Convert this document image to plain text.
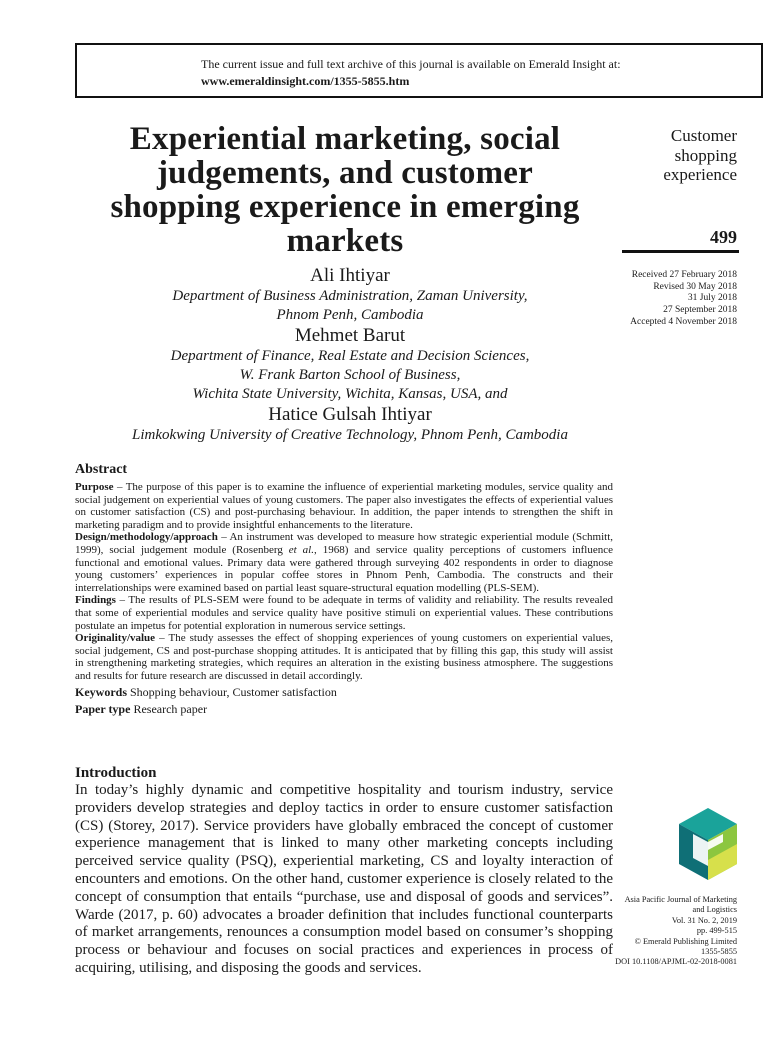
The current issue and full text archive of this journal is available on Emerald Insight at:
www.emeraldinsight.com/1355-5855.htm
Experiential marketing, social judgements, and customer shopping experience in emerging markets
Ali Ihtiyar
Department of Business Administration, Zaman University,
Phnom Penh, Cambodia
Mehmet Barut
Department of Finance, Real Estate and Decision Sciences,
W. Frank Barton School of Business,
Wichita State University, Wichita, Kansas, USA, and
Hatice Gulsah Ihtiyar
Limkokwing University of Creative Technology, Phnom Penh, Cambodia
Customer
shopping
experience
499
Received 27 February 2018
Revised 30 May 2018
31 July 2018
27 September 2018
Accepted 4 November 2018
Abstract
Purpose – The purpose of this paper is to examine the influence of experiential marketing modules, service quality and social judgement on experiential values of young customers. The paper also investigates the effects of experiential values on customer satisfaction (CS) and post-purchasing behaviour. In addition, the paper intends to strengthen the shift in marketing paradigm and to provide insightful enhancements to the literature.
Design/methodology/approach – An instrument was developed to measure how strategic experiential module (Schmitt, 1999), social judgement module (Rosenberg et al., 1968) and service quality perceptions of customers influence functional and emotional values. Primary data were gathered through surveying 402 respondents in order to diagnose young customers’ experiences in popular coffee stores in Phnom Penh, Cambodia. The constructs and their interrelationships were examined based on partial least square-structural equation modelling (PLS-SEM).
Findings – The results of PLS-SEM were found to be adequate in terms of validity and reliability. The results revealed that some of experiential modules and service quality have positive stimuli on experiential values. These contributions postulate an impetus for potential exploration in numerous service settings.
Originality/value – The study assesses the effect of shopping experiences of young customers on experiential values, social judgement, CS and post-purchase shopping attitudes. It is anticipated that by filling this gap, this study will assist in strengthening marketing strategies, which requires an alteration in the existing business atmosphere. The suggestions and results for future research are discussed in detail accordingly.
Keywords Shopping behaviour, Customer satisfaction
Paper type Research paper
Introduction
In today’s highly dynamic and competitive hospitality and tourism industry, service providers develop strategies and deploy tactics in order to ensure customer satisfaction (CS) (Storey, 2017). Service providers have globally embraced the concept of customer experience management that is linked to many other marketing concepts including perceived service quality (PSQ), experiential marketing, CS and loyalty interaction of encounters and emotions. On the other hand, customer experience is closely related to the concept of consumption that entails “purchase, use and disposal of goods and services”. Warde (2017, p. 60) advocates a broader definition that includes functional counterparts of market arrangements, renounces a consumption model based on consumer’s shopping process or behaviour and focuses on social practices and experiences in process of acquiring, utilising, and disposing the goods and services.
Asia Pacific Journal of Marketing
and Logistics
Vol. 31 No. 2, 2019
pp. 499-515
© Emerald Publishing Limited
1355-5855
DOI 10.1108/APJML-02-2018-0081
